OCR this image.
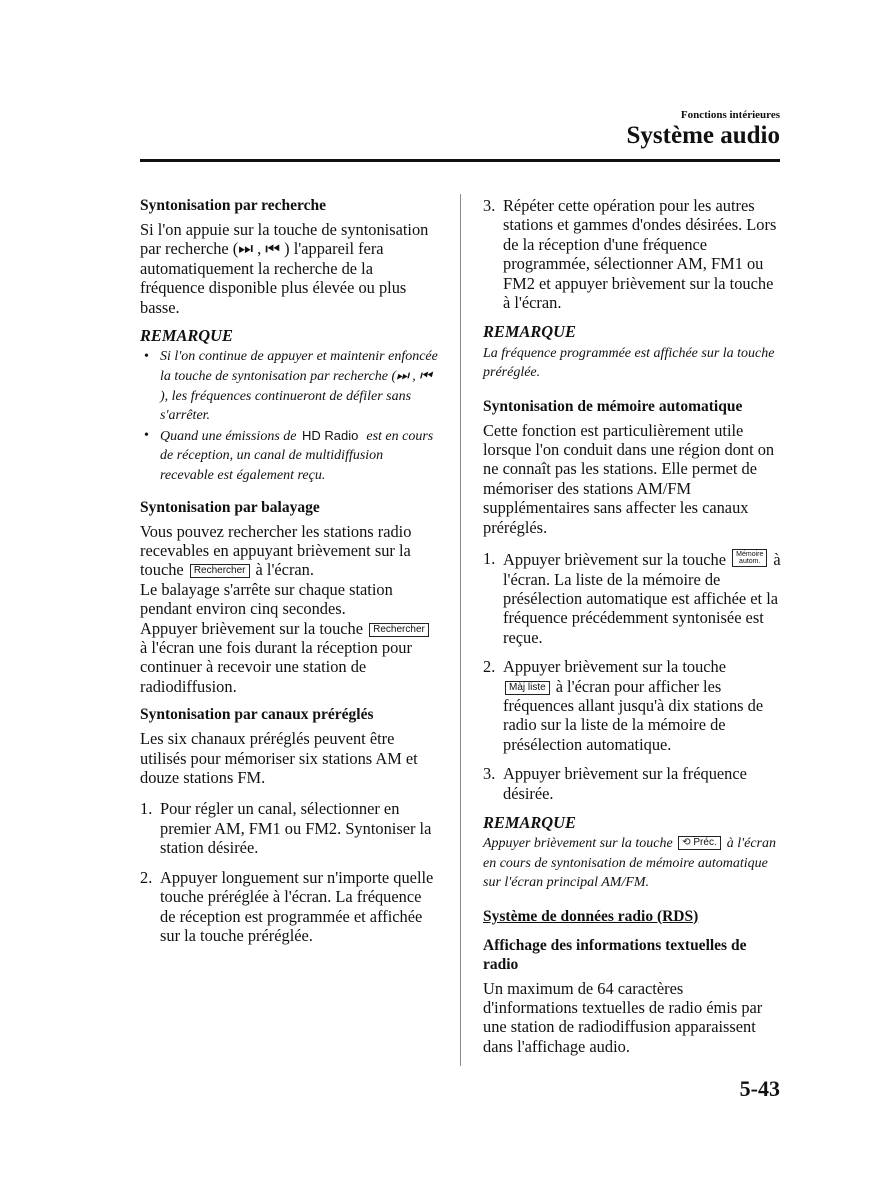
Fonctions intérieures
Système audio
Syntonisation par recherche

Si l'on appuie sur la touche de syntonisation par recherche (⏭ , ⏮ ) l'appareil fera automatiquement la recherche de la fréquence disponible plus élevée ou plus basse.

REMARQUE
• Si l'on continue de appuyer et maintenir enfoncée la touche de syntonisation par recherche (⏭ , ⏮ ), les fréquences continueront de défiler sans s'arrêter.
• Quand une émissions de HD Radio est en cours de réception, un canal de multidiffusion recevable est également reçu.
Syntonisation par balayage

Vous pouvez rechercher les stations radio recevables en appuyant brièvement sur la touche Rechercher à l'écran.

Le balayage s'arrête sur chaque station pendant environ cinq secondes.

Appuyer brièvement sur la touche Rechercherà l'écran une fois durant la réception pour continuer à recevoir une station de radiodiffusion.

Syntonisation par canaux préréglés

Les six chanaux préréglés peuvent être utilisés pour mémoriser six stations AM et douze stations FM.

1. Pour régler un canal, sélectionner en premier AM, FM1 ou FM2. Syntoniser la station désirée.
2. Appuyer longuement sur n'importe quelle touche préréglée à l'écran. La fréquence de réception est programmée et affichée sur la touche préréglée.
3. Répéter cette opération pour les autres stations et gammes d'ondes désirées. Lors de la réception d'une fréquence programmée, sélectionner AM, FM1 ou FM2 et appuyer brièvement sur la touche à l'écran.
REMARQUE
La fréquence programmée est affichée sur la touche préréglée.
Syntonisation de mémoire automatique

Cette fonction est particulièrement utile lorsque l'on conduit dans une région dont on ne connaît pas les stations. Elle permet de mémoriser des stations AM/FM supplémentaires sans affecter les canaux préréglés.

1. Appuyer brièvement sur la touche Mémoire
autom. à l'écran. La liste de la mémoire de présélection automatique est affichée et la fréquence précédemment syntonisée est reçue.
2. Appuyer brièvement sur la touche Màj liste à l'écran pour afficher les fréquences allant jusqu'à dix stations de radio sur la liste de la mémoire de présélection automatique.
3. Appuyer brièvement sur la fréquence désirée.
REMARQUE
Appuyer brièvement sur la touche ⟲ Préc. à l'écran en cours de syntonisation de mémoire automatique sur l'écran principal AM/FM.
Système de données radio (RDS)
Affichage des informations textuelles de radio

Un maximum de 64 caractères d'informations textuelles de radio émis par une station de radiodiffusion apparaissent dans l'affichage audio.

5-43
